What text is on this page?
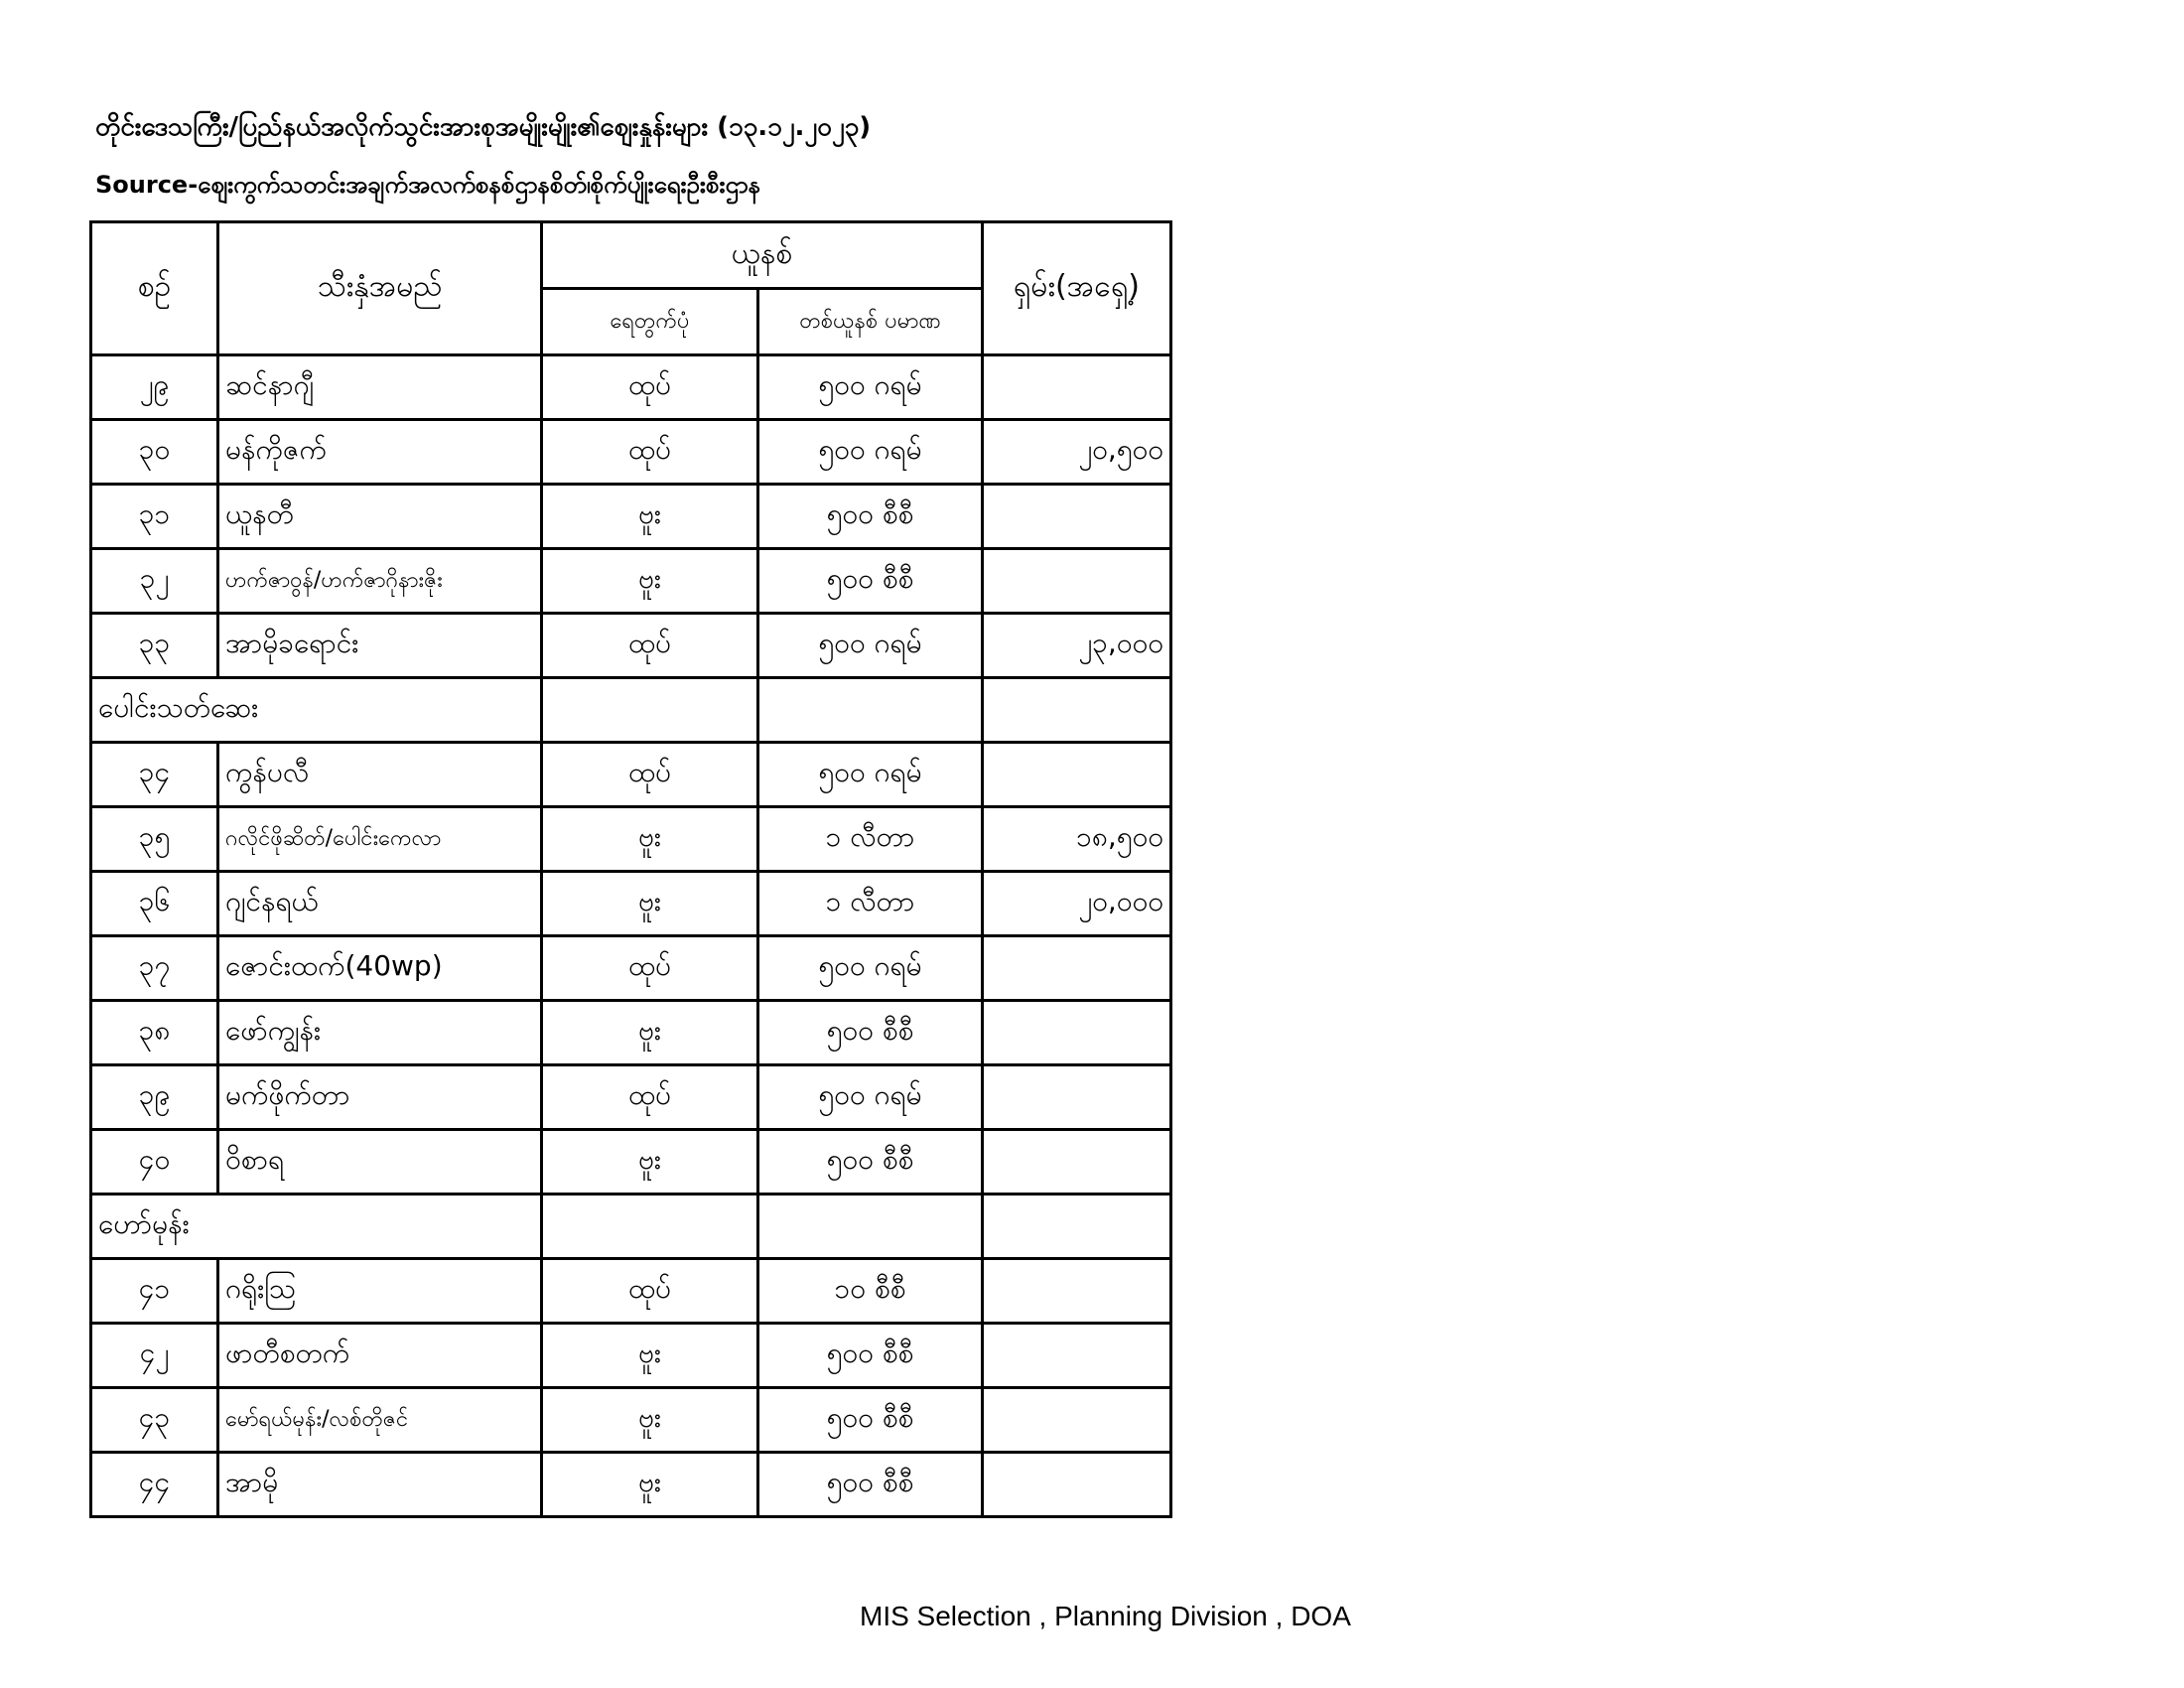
တိုင်းဒေသကြီး/ပြည်နယ်အလိုက်သွင်းအားစုအမျိုးမျိုး၏ဈေးနှုန်းများ (၁၃.၁၂.၂၀၂၃)
Source-ဈေးကွက်သတင်းအချက်အလက်စနစ်ဌာနစိတ်၊စိုက်ပျိုးရေးဦးစီးဌာန
စဉ်	သီးနှံအမည်	ယူနစ်		ရှမ်း(အရှေ့)
		ရေတွက်ပုံ	တစ်ယူနစ် ပမာဏ	
၂၉	ဆင်နာဂျီ	ထုပ်	၅၀၀ ဂရမ်	
၃၀	မန်ကိုဇက်	ထုပ်	၅၀၀ ဂရမ်	၂၀,၅၀၀
၃၁	ယူနတီ	ဗူး	၅၀၀ စီစီ	
၃၂	ဟက်ဇာဝွန်/ဟက်ဇာဂိုနားဇိုး	ဗူး	၅၀၀ စီစီ	
၃၃	အာမိုခရောင်း	ထုပ်	၅၀၀ ဂရမ်	၂၃,၀၀၀
ပေါင်းသတ်ဆေး				
၃၄	ကွန်ပလီ	ထုပ်	၅၀၀ ဂရမ်	
၃၅	ဂလိုင်ဖိုဆိတ်/ပေါင်းကေလာ	ဗူး	၁ လီတာ	၁၈,၅၀၀
၃၆	ဂျင်နရယ်	ဗူး	၁ လီတာ	၂၀,၀၀၀
၃၇	ဇောင်းထက်(40wp)	ထုပ်	၅၀၀ ဂရမ်	
၃၈	ဖော်ကျွန်း	ဗူး	၅၀၀ စီစီ	
၃၉	မက်ဖိုက်တာ	ထုပ်	၅၀၀ ဂရမ်	
၄၀	ဝိစာရ	ဗူး	၅၀၀ စီစီ	
ဟော်မုန်း				
၄၁	ဂရိုးဩ	ထုပ်	၁၀ စီစီ	
၄၂	ဖာတီစတက်	ဗူး	၅၀၀ စီစီ	
၄၃	မော်ရယ်မုန်း/လစ်တိုဇင်	ဗူး	၅၀၀ စီစီ	
၄၄	အာမို	ဗူး	၅၀၀ စီစီ	
MIS Selection , Planning Division , DOA
